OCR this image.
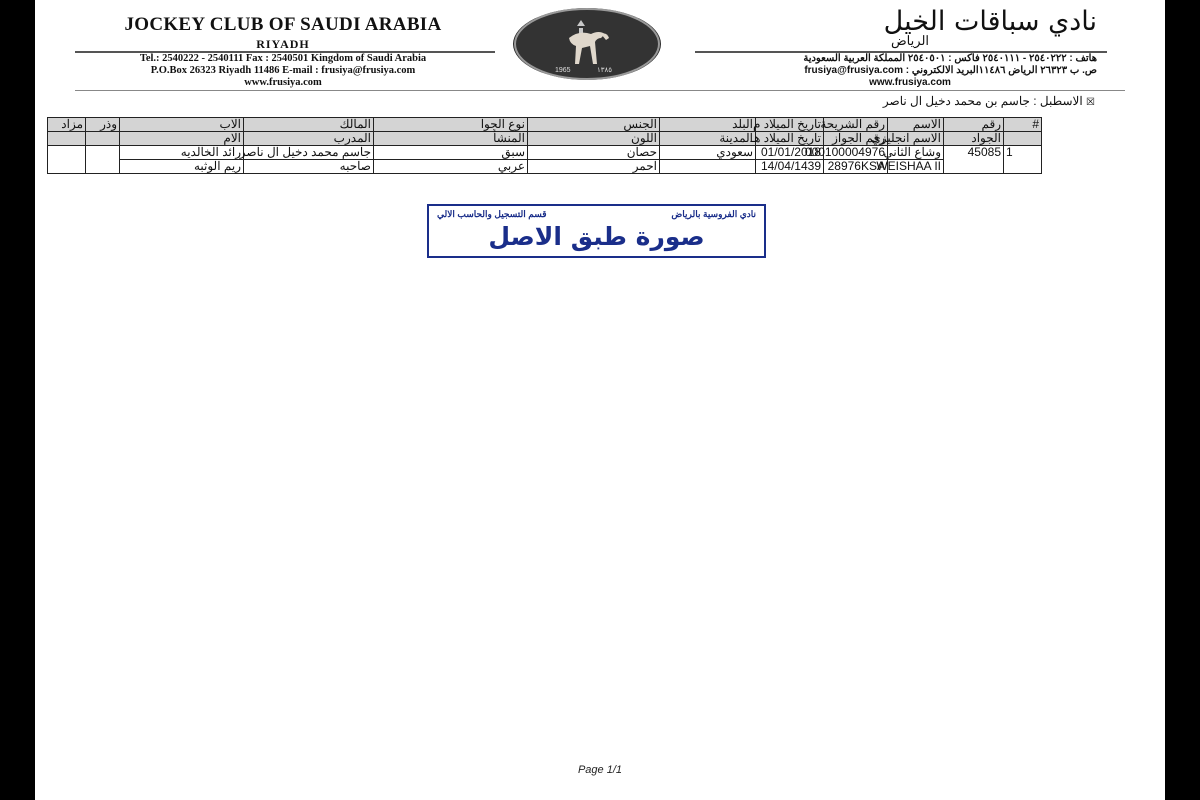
JOCKEY CLUB OF SAUDI ARABIA
RIYADH
Tel.: 2540222 - 2540111 Fax : 2540501 Kingdom of Saudi Arabia
P.O.Box 26323 Riyadh 11486 E-mail : frusiya@frusiya.com
www.frusiya.com
1965	١٣٨٥
نادي سباقات الخيل
الرياض
هاتف : ٢٥٤٠٢٢٢ - ٢٥٤٠١١١ فاكس : ٢٥٤٠٥٠١ المملكة العربية السعودية
ص. ب ٢٦٣٢٣ الرياض ١١٤٨٦البريد الالكتروني : frusiya@frusiya.com
www.frusiya.com
☒ الاسطبل : جاسم بن محمد دخيل ال ناصر
مزاد	وذر	الاب	المالك	نوع الجوا	الجنس	البلد	تاريخ الميلاد م	رقم الشريحة	الاسم	رقم	#
		الام	المدرب	المنشأ	اللون	المدينة	تاريخ الميلاد هـ	رقم الجواز	الاسم انجليزي	الجواد	
		رائد الخالديه	جاسم محمد دخيل ال ناصر	سبق	حصان	سعودي	01/01/2018	000100004976	وشاع الثاني	45085	1
		ريم الوثبه	صاحبه	عربي	احمر		14/04/1439	28976KSA	WEISHAA II	
قسم التسجيل والحاسب الالي	نادي الفروسية بالرياض
صورة طبق الاصل
Page 1/1
